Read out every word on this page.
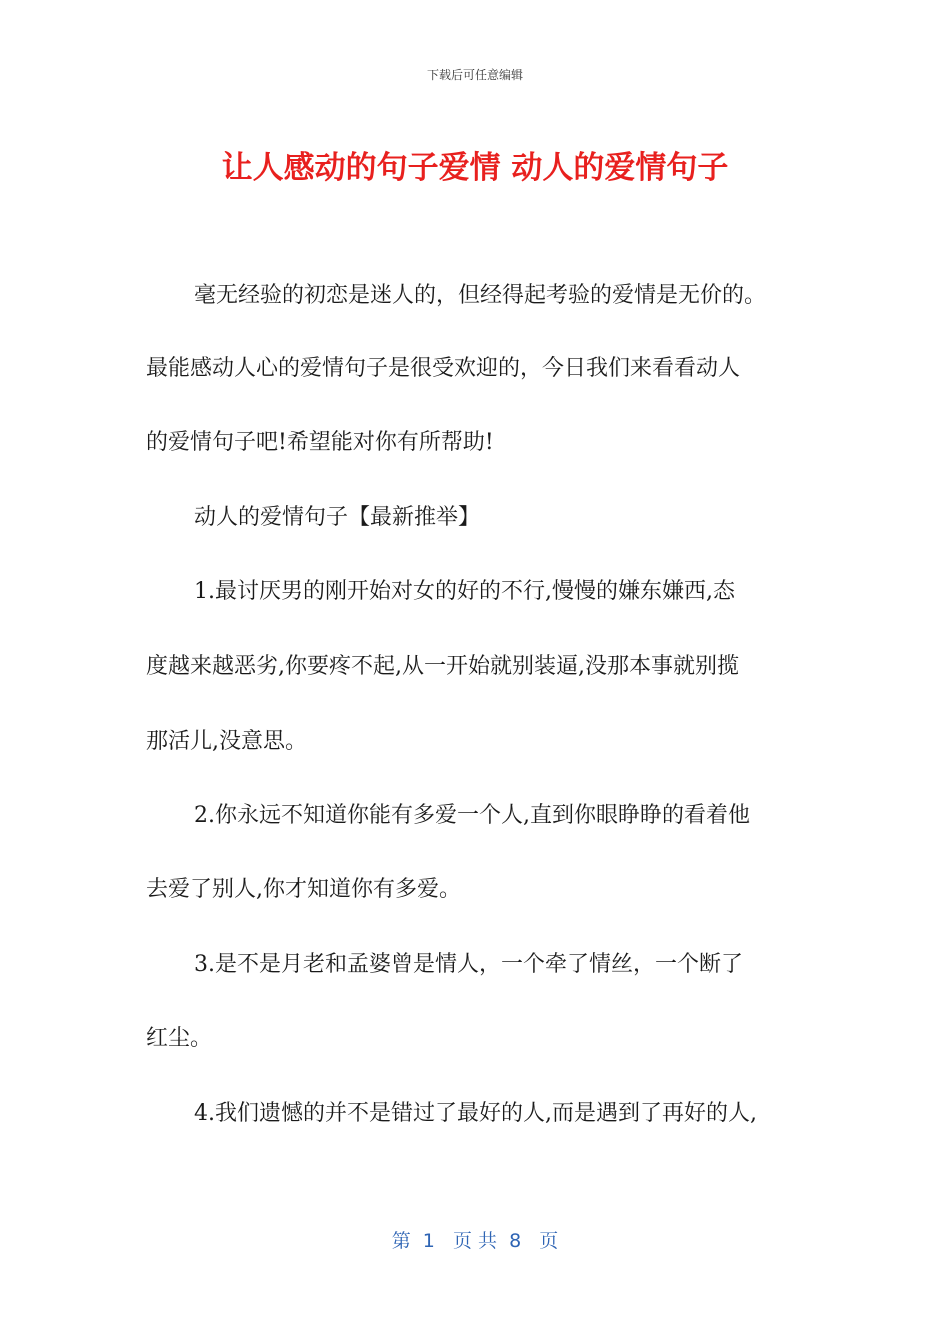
下载后可任意编辑
让人感动的句子爱情 动人的爱情句子
毫无经验的初恋是迷人的，但经得起考验的爱情是无价的。
最能感动人心的爱情句子是很受欢迎的，今日我们来看看动人
的爱情句子吧!希望能对你有所帮助!
动人的爱情句子【最新推举】
1.最讨厌男的刚开始对女的好的不行,慢慢的嫌东嫌西,态
度越来越恶劣,你要疼不起,从一开始就别装逼,没那本事就别揽
那活儿,没意思。
2.你永远不知道你能有多爱一个人,直到你眼睁睁的看着他
去爱了别人,你才知道你有多爱。
3.是不是月老和孟婆曾是情人，一个牵了情丝，一个断了
红尘。
4.我们遗憾的并不是错过了最好的人,而是遇到了再好的人,
第  1   页 共  8   页
